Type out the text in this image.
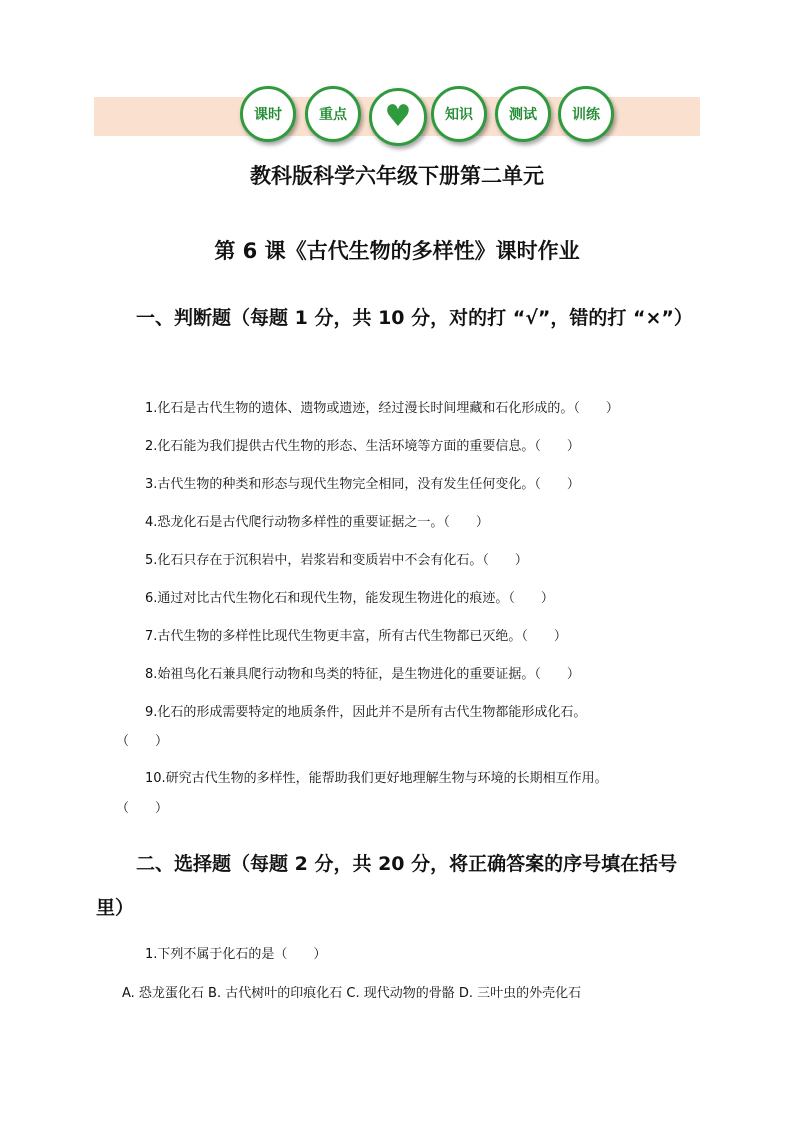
课时	重点 ♥ 知识	测试	训练
教科版科学六年级下册第二单元
第 6 课《古代生物的多样性》课时作业
一、判断题（每题 1 分，共 10 分，对的打 “√”，错的打 “×”）
1.化石是古代生物的遗体、遗物或遗迹，经过漫长时间埋藏和石化形成的。（　　）
2.化石能为我们提供古代生物的形态、生活环境等方面的重要信息。（　　）
3.古代生物的种类和形态与现代生物完全相同，没有发生任何变化。（　　）
4.恐龙化石是古代爬行动物多样性的重要证据之一。（　　）
5.化石只存在于沉积岩中，岩浆岩和变质岩中不会有化石。（　　）
6.通过对比古代生物化石和现代生物，能发现生物进化的痕迹。（　　）
7.古代生物的多样性比现代生物更丰富，所有古代生物都已灭绝。（　　）
8.始祖鸟化石兼具爬行动物和鸟类的特征，是生物进化的重要证据。（　　）
9.化石的形成需要特定的地质条件，因此并不是所有古代生物都能形成化石。
（　　）
10.研究古代生物的多样性，能帮助我们更好地理解生物与环境的长期相互作用。
（　　）
二、选择题（每题 2 分，共 20 分，将正确答案的序号填在括号里）
1.下列不属于化石的是（　　）
A. 恐龙蛋化石 B. 古代树叶的印痕化石 C. 现代动物的骨骼 D. 三叶虫的外壳化石
